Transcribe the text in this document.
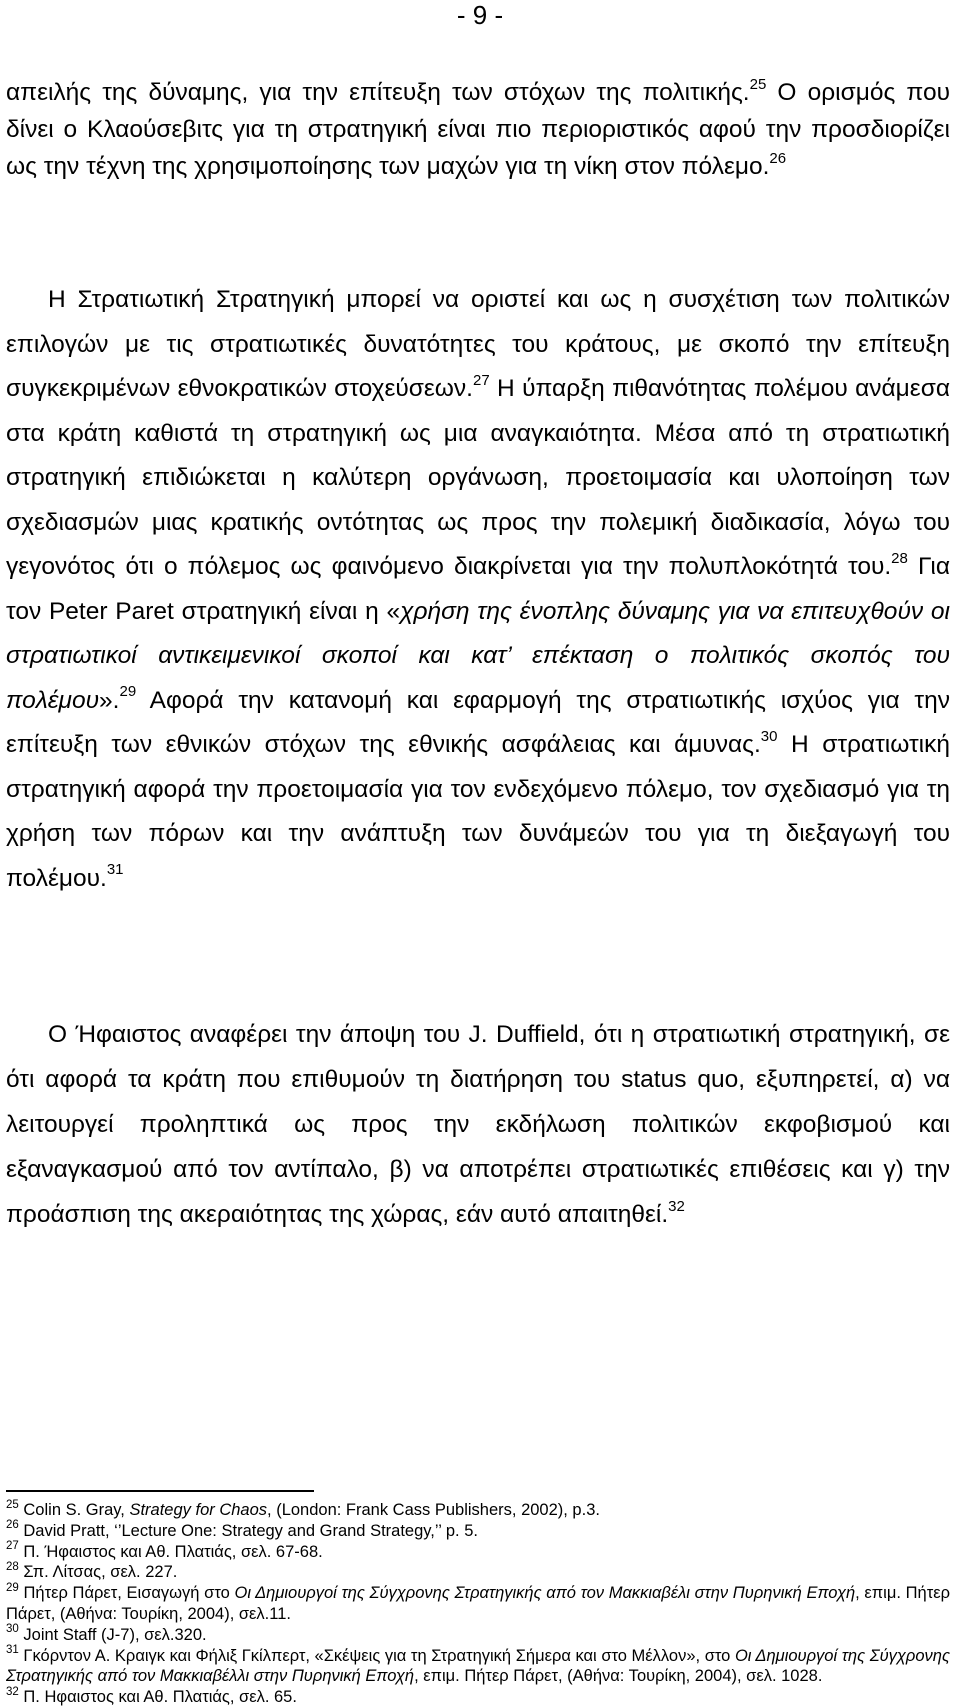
- 9 -

απειλής της δύναμης, για την επίτευξη των στόχων της πολιτικής.$^{25}$ Ο ορισμός που δίνει ο Κλαούσεβιτς για τη στρατηγική είναι πιο περιοριστικός αφού την προσδιορίζει ως την τέχνη της χρησιμοποίησης των μαχών για τη νίκη στον πόλεμο.$^{26}$

Η Στρατιωτική Στρατηγική μπορεί να οριστεί και ως η συσχέτιση των πολιτικών επιλογών με τις στρατιωτικές δυνατότητες του κράτους, με σκοπό την επίτευξη συγκεκριμένων εθνοκρατικών στοχεύσεων.$^{27}$ Η ύπαρξη πιθανότητας πολέμου ανάμεσα στα κράτη καθιστά τη στρατηγική ως μια αναγκαιότητα. Μέσα από τη στρατιωτική στρατηγική επιδιώκεται η καλύτερη οργάνωση, προετοιμασία και υλοποίηση των σχεδιασμών μιας κρατικής οντότητας ως προς την πολεμική διαδικασία, λόγω του γεγονότος ότι ο πόλεμος ως φαινόμενο διακρίνεται για την πολυπλοκότητά του.$^{28}$ Για τον Peter Paret στρατηγική είναι η «χρήση της ένοπλης δύναμης για να επιτευχθούν οι στρατιωτικοί αντικειμενικοί σκοποί και κατ’ επέκταση ο πολιτικός σκοπός του πολέμου».$^{29}$ Αφορά την κατανομή και εφαρμογή της στρατιωτικής ισχύος για την επίτευξη των εθνικών στόχων της εθνικής ασφάλειας και άμυνας.$^{30}$ Η στρατιωτική στρατηγική αφορά την προετοιμασία για τον ενδεχόμενο πόλεμο, τον σχεδιασμό για τη χρήση των πόρων και την ανάπτυξη των δυνάμεών του για τη διεξαγωγή του πολέμου.$^{31}$

Ο Ήφαιστος αναφέρει την άποψη του J. Duffield, ότι η στρατιωτική στρατηγική, σε ότι αφορά τα κράτη που επιθυμούν τη διατήρηση του status quo, εξυπηρετεί, α) να λειτουργεί προληπτικά ως προς την εκδήλωση πολιτικών εκφοβισμού και εξαναγκασμού από τον αντίπαλο, β) να αποτρέπει στρατιωτικές επιθέσεις και γ) την προάσπιση της ακεραιότητας της χώρας, εάν αυτό απαιτηθεί.$^{32}$

$^{25}$ Colin S. Gray, Strategy for Chaos, (London: Frank Cass Publishers, 2002), p.3.

$^{26}$ David Pratt, ‘’Lecture One: Strategy and Grand Strategy,’’ p. 5.

$^{27}$ Π. Ήφαιστος και Αθ. Πλατιάς, σελ. 67-68.

$^{28}$ Σπ. Λίτσας, σελ. 227.

$^{29}$ Πήτερ Πάρετ, Εισαγωγή στο Οι Δημιουργοί της Σύγχρονης Στρατηγικής από τον Μακκιαβέλι στην Πυρηνική Εποχή, επιμ. Πήτερ Πάρετ, (Αθήνα: Τουρίκη, 2004), σελ.11.

$^{30}$ Joint Staff (J-7), σελ.320.

$^{31}$ Γκόρντον Α. Κραιγκ και Φήλιξ Γκίλπερτ, «Σκέψεις για τη Στρατηγική Σήμερα και στο Μέλλον», στο Οι Δημιουργοί της Σύγχρονης Στρατηγικής από τον Μακκιαβέλλι στην Πυρηνική Εποχή, επιμ. Πήτερ Πάρετ, (Αθήνα: Τουρίκη, 2004), σελ. 1028.

$^{32}$ Π. Ηφαιστος και Αθ. Πλατιάς, σελ. 65.
